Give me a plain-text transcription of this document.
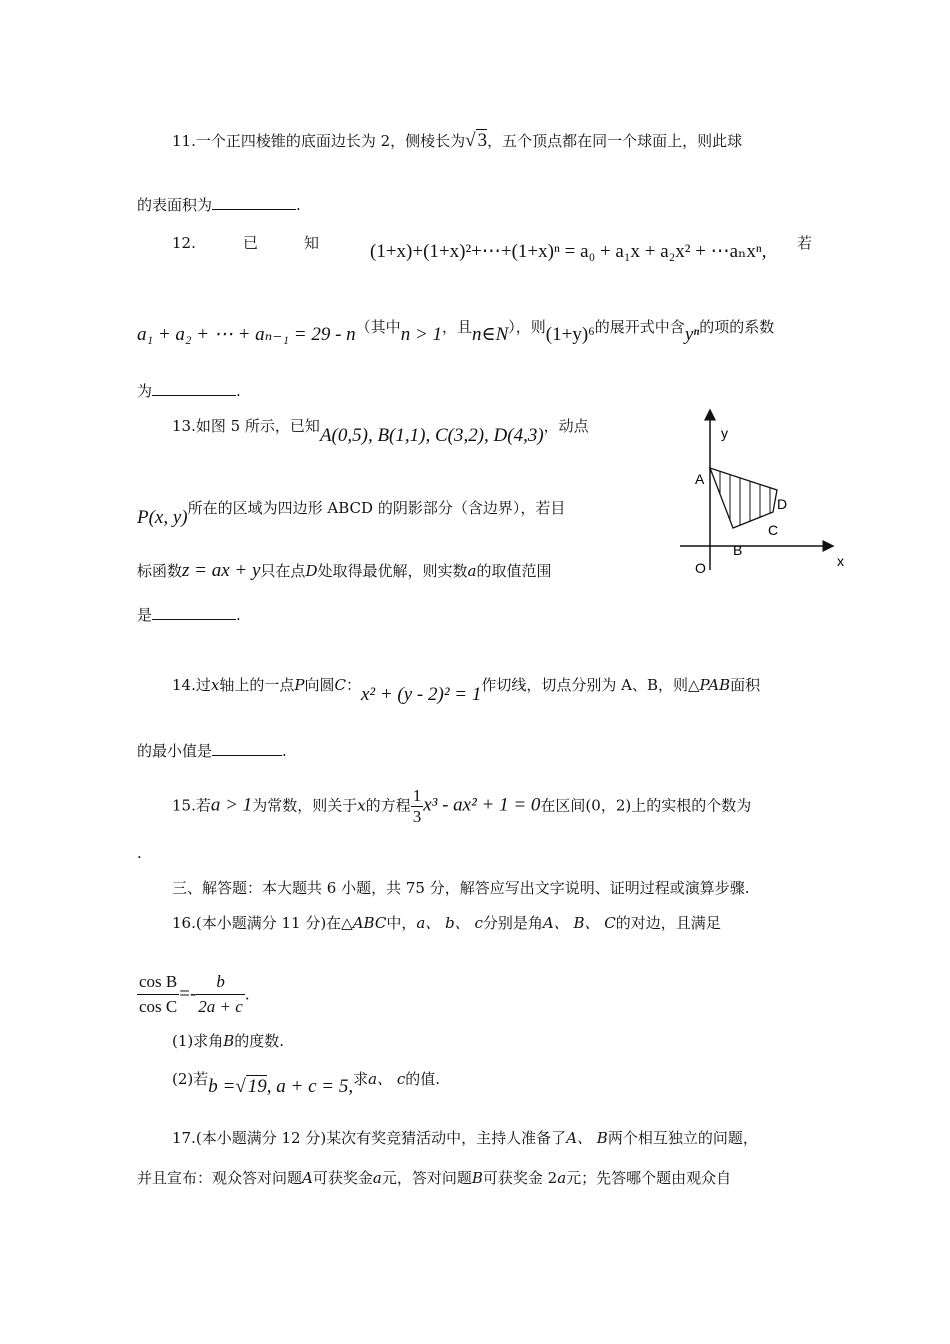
11.一个正四棱锥的底面边长为 2，侧棱长为√ 3，五个顶点都在同一个球面上，则此球
的表面积为	.
12.	已	知	(1+x)+(1+x)²+⋯+(1+x)ⁿ = a₀ + a₁x + a₂x² + ⋯aₙxⁿ, 若
a₁ + a₂ + ⋯ + aₙ₋₁ = 29 - n（其中n > 1，且n∈N），则(1+y)⁶的展开式中含yⁿ的项的系数
为	.
13.如图 5 所示，已知A(0,5), B(1,1), C(3,2), D(4,3)，动点
P(x, y)所在的区域为四边形 ABCD 的阴影部分（含边界），若目
标函数z = ax + y只在点D处取得最优解，则实数a的取值范围
是	.
y
x
O
A
B
C
D
14.过x轴上的一点P向圆C：x² + (y - 2)² = 1作切线，切点分别为 A、B，则△PAB面积
的最小值是	.
15.若a > 1为常数，则关于x的方程 $\frac{1}{3} x^3 - ax^2 + 1 = 0$在区间(0，2)上的实根的个数为
.
三、解答题：本大题共 6 小题，共 75 分，解答应写出文字说明、证明过程或演算步骤.
16.(本小题满分 11 分)在△ABC中，a、 b、 c分别是角A、 B、 C的对边，且满足
$\frac{\text{cos B}}{\text{cos C}} =- \frac{b}{2a + c}$ .
(1)求角B的度数.
(2)若b =√ 19, a + c = 5,求a、 c的值.
17.(本小题满分 12 分)某次有奖竞猜活动中，主持人准备了A、 B两个相互独立的问题，
并且宣布：观众答对问题A可获奖金a元，答对问题B可获奖金 2a元；先答哪个题由观众自
